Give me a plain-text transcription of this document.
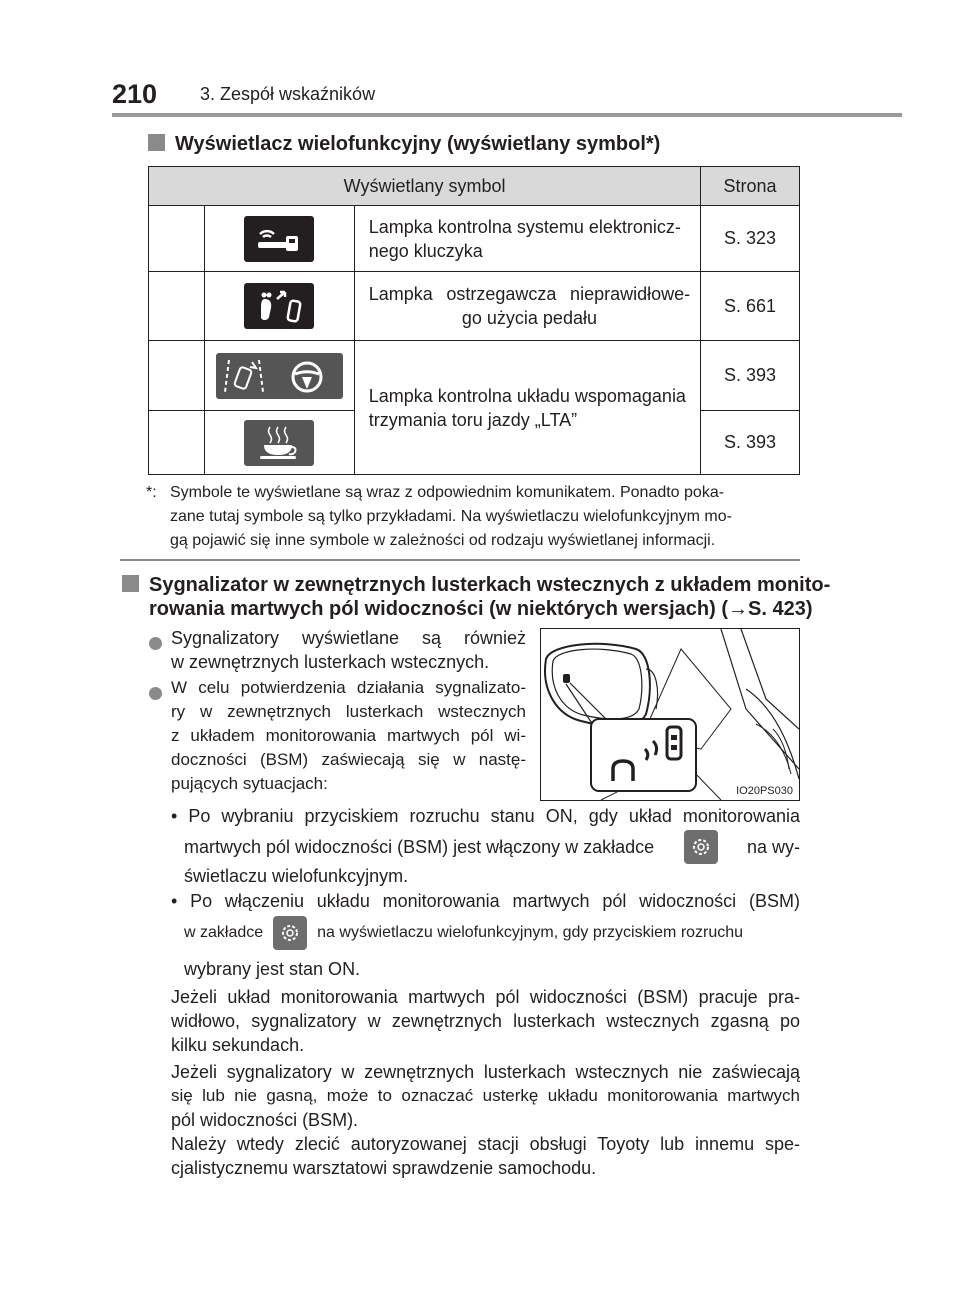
210 3. Zespół wskaźników
Wyświetlacz wielofunkcyjny (wyświetlany symbol*)
Wyświetlany symbol			Strona

Lampka kontrolna systemu elektronicz-
nego kluczyka	S. 323

Lampka ostrzegawcza nieprawidłowe-
go użycia pedału	S. 661

Lampka kontrolna układu wspomagania
trzymania toru jazdy „LTA”	S. 393

	S. 393
*: Symbole te wyświetlane są wraz z odpowiednim komunikatem. Ponadto poka-
zane tutaj symbole są tylko przykładami. Na wyświetlaczu wielofunkcyjnym mo-
gą pojawić się inne symbole w zależności od rodzaju wyświetlanej informacji.
Sygnalizator w zewnętrznych lusterkach wstecznych z układem monito-
rowania martwych pól widoczności (w niektórych wersjach) (→S. 423)
Sygnalizatory wyświetlane są również
w zewnętrznych lusterkach wstecznych.
W celu potwierdzenia działania sygnalizato-
ry w zewnętrznych lusterkach wstecznych
z układem monitorowania martwych pól wi-
doczności (BSM) zaświecają się w nastę-
pujących sytuacjach:	IO20PS030
• Po wybraniu przyciskiem rozruchu stanu ON, gdy układ monitorowania
martwych pól widoczności (BSM) jest włączony w zakładce	na wy-
świetlaczu wielofunkcyjnym.
• Po włączeniu układu monitorowania martwych pól widoczności (BSM)
w zakładce	na wyświetlaczu wielofunkcyjnym, gdy przyciskiem rozruchu
wybrany jest stan ON.
Jeżeli układ monitorowania martwych pól widoczności (BSM) pracuje pra-
widłowo, sygnalizatory w zewnętrznych lusterkach wstecznych zgasną po
kilku sekundach.
Jeżeli sygnalizatory w zewnętrznych lusterkach wstecznych nie zaświecają
się lub nie gasną, może to oznaczać usterkę układu monitorowania martwych
pól widoczności (BSM).
Należy wtedy zlecić autoryzowanej stacji obsługi Toyoty lub innemu spe-
cjalistycznemu warsztatowi sprawdzenie samochodu.
